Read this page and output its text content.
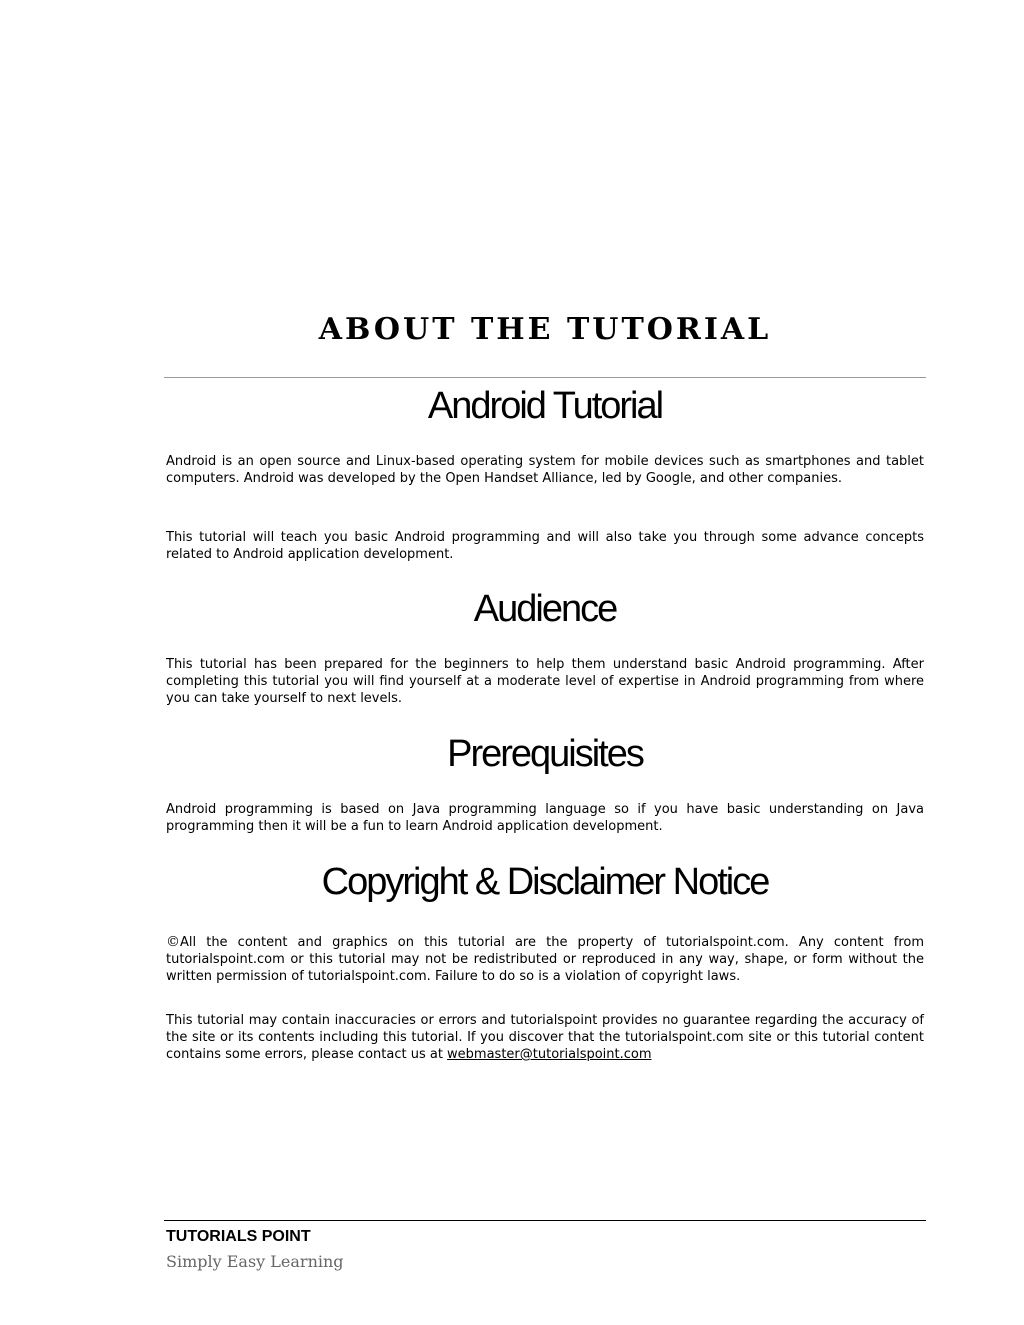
ABOUT THE TUTORIAL
Android Tutorial

Android is an open source and Linux-based operating system for mobile devices such as smartphones and tablet computers. Android was developed by the Open Handset Alliance, led by Google, and other companies.

This tutorial will teach you basic Android programming and will also take you through some advance concepts related to Android application development.

Audience

This tutorial has been prepared for the beginners to help them understand basic Android programming. After completing this tutorial you will find yourself at a moderate level of expertise in Android programming from where you can take yourself to next levels.

Prerequisites

Android programming is based on Java programming language so if you have basic understanding on Java programming then it will be a fun to learn Android application development.

Copyright & Disclaimer Notice

©All the content and graphics on this tutorial are the property of tutorialspoint.com. Any content from tutorialspoint.com or this tutorial may not be redistributed or reproduced in any way, shape, or form without the written permission of tutorialspoint.com. Failure to do so is a violation of copyright laws.

This tutorial may contain inaccuracies or errors and tutorialspoint provides no guarantee regarding the accuracy of the site or its contents including this tutorial. If you discover that the tutorialspoint.com site or this tutorial content contains some errors, please contact us at webmaster@tutorialspoint.com

TUTORIALS POINT

Simply Easy Learning
